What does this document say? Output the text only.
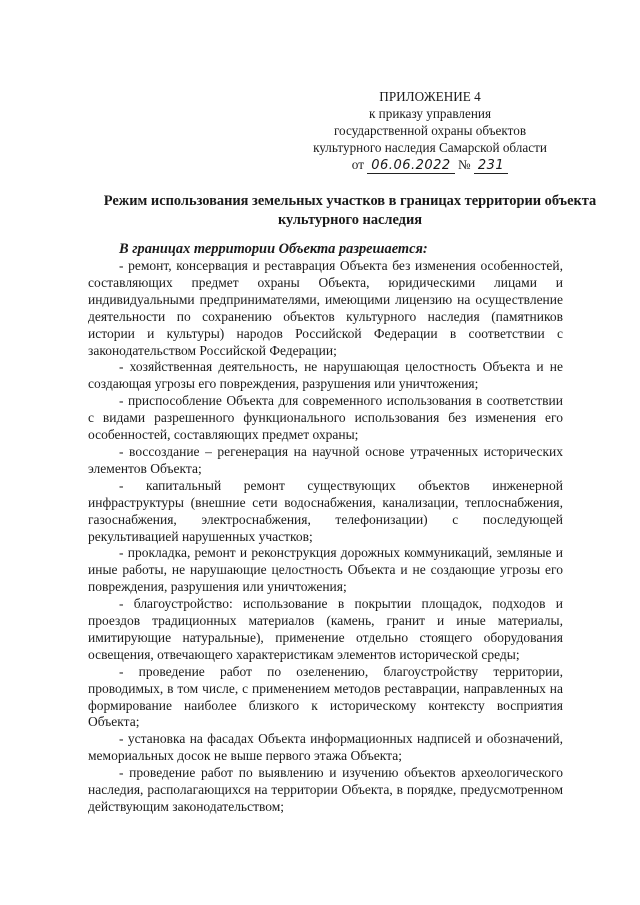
ПРИЛОЖЕНИЕ 4
к приказу управления
государственной охраны объектов
культурного наследия Самарской области
от 06.06.2022 № 231
Режим использования земельных участков в границах территории объекта культурного наследия

В границах территории Объекта разрешается:

- ремонт, консервация и реставрация Объекта без изменения особенностей, составляющих предмет охраны Объекта, юридическими лицами и индивидуальными предпринимателями, имеющими лицензию на осуществление деятельности по сохранению объектов культурного наследия (памятников истории и культуры) народов Российской Федерации в соответствии с законодательством Российской Федерации;

- хозяйственная деятельность, не нарушающая целостность Объекта и не создающая угрозы его повреждения, разрушения или уничтожения;

- приспособление Объекта для современного использования в соответствии с видами разрешенного функционального использования без изменения его особенностей, составляющих предмет охраны;

- воссоздание – регенерация на научной основе утраченных исторических элементов Объекта;

- капитальный ремонт существующих объектов инженерной инфраструктуры (внешние сети водоснабжения, канализации, теплоснабжения, газоснабжения, электроснабжения, телефонизации) с последующей рекультивацией нарушенных участков;

- прокладка, ремонт и реконструкция дорожных коммуникаций, земляные и иные работы, не нарушающие целостность Объекта и не создающие угрозы его повреждения, разрушения или уничтожения;

- благоустройство: использование в покрытии площадок, подходов и проездов традиционных материалов (камень, гранит и иные материалы, имитирующие натуральные), применение отдельно стоящего оборудования освещения, отвечающего характеристикам элементов исторической среды;

- проведение работ по озеленению, благоустройству территории, проводимых, в том числе, с применением методов реставрации, направленных на формирование наиболее близкого к историческому контексту восприятия Объекта;

- установка на фасадах Объекта информационных надписей и обозначений, мемориальных досок не выше первого этажа Объекта;

- проведение работ по выявлению и изучению объектов археологического наследия, располагающихся на территории Объекта, в порядке, предусмотренном действующим законодательством;
